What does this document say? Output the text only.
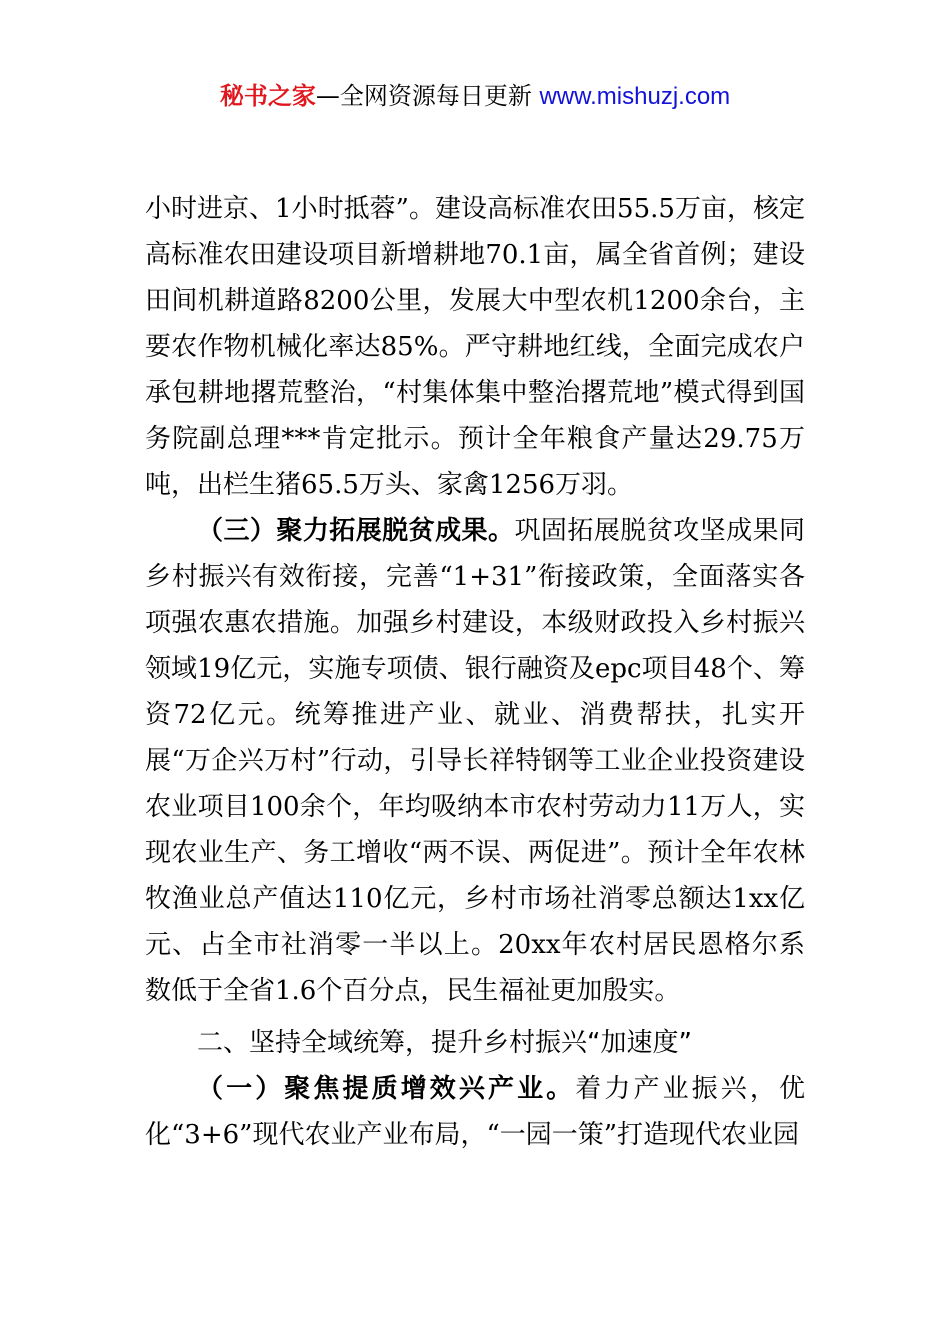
秘书之家—全网资源每日更新 www.mishuzj.com

小时进京、1小时抵蓉”。建设高标准农田55.5万亩，核定高标准农田建设项目新增耕地70.1亩，属全省首例；建设田间机耕道路8200公里，发展大中型农机1200余台，主要农作物机械化率达85%。严守耕地红线，全面完成农户承包耕地撂荒整治，“村集体集中整治撂荒地”模式得到国务院副总理***肯定批示。预计全年粮食产量达29.75万吨，出栏生猪65.5万头、家禽1256万羽。

（三）聚力拓展脱贫成果。巩固拓展脱贫攻坚成果同乡村振兴有效衔接，完善“1+31”衔接政策，全面落实各项强农惠农措施。加强乡村建设，本级财政投入乡村振兴领域19亿元，实施专项债、银行融资及epc项目48个、筹资72亿元。统筹推进产业、就业、消费帮扶，扎实开展“万企兴万村”行动，引导长祥特钢等工业企业投资建设农业项目100余个，年均吸纳本市农村劳动力11万人，实现农业生产、务工增收“两不误、两促进”。预计全年农林牧渔业总产值达110亿元，乡村市场社消零总额达1xx亿元、占全市社消零一半以上。20xx年农村居民恩格尔系数低于全省1.6个百分点，民生福祉更加殷实。

二、坚持全域统筹，提升乡村振兴“加速度”

（一）聚焦提质增效兴产业。着力产业振兴，优化“3+6”现代农业产业布局，“一园一策”打造现代农业园
